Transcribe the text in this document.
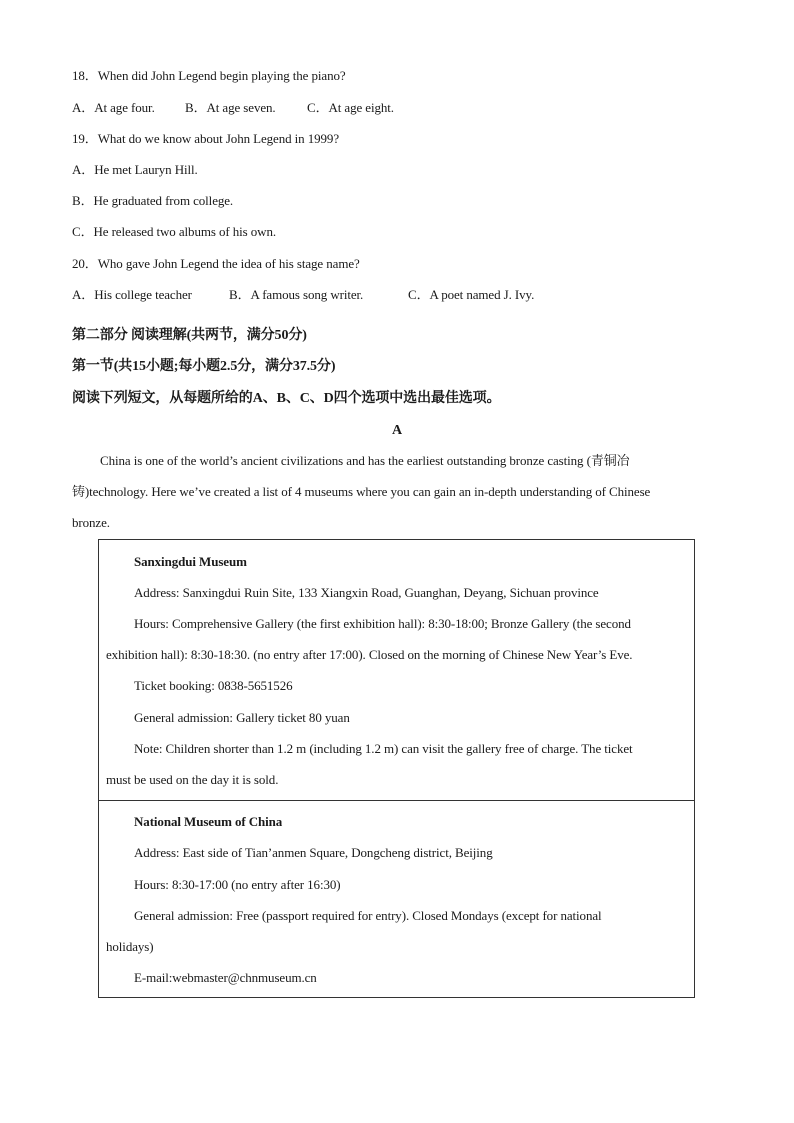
18．When did John Legend begin playing the piano?
A．At age four. B．At age seven. C．At age eight.
19．What do we know about John Legend in 1999?
A．He met Lauryn Hill.
B．He graduated from college.
C．He released two albums of his own.
20．Who gave John Legend the idea of his stage name?
A．His college teacher	B．A famous song writer.	C．A poet named J. Ivy.
第二部分 阅读理解(共两节，满分50分)
第一节(共15小题;每小题2.5分，满分37.5分)
阅读下列短文，从每题所给的A、B、C、D四个选项中选出最佳选项。
A
China is one of the world’s ancient civilizations and has the earliest outstanding bronze casting (青铜冶
铸)technology. Here we’ve created a list of 4 museums where you can gain an in-depth understanding of Chinese
bronze.
Sanxingdui Museum
Address: Sanxingdui Ruin Site, 133 Xiangxin Road, Guanghan, Deyang, Sichuan province
Hours: Comprehensive Gallery (the first exhibition hall): 8:30-18:00; Bronze Gallery (the second
exhibition hall): 8:30-18:30. (no entry after 17:00). Closed on the morning of Chinese New Year’s Eve.
Ticket booking: 0838-5651526
General admission: Gallery ticket 80 yuan
Note: Children shorter than 1.2 m (including 1.2 m) can visit the gallery free of charge. The ticket
must be used on the day it is sold.
National Museum of China
Address: East side of Tian’anmen Square, Dongcheng district, Beijing
Hours: 8:30-17:00 (no entry after 16:30)
General admission: Free (passport required for entry). Closed Mondays (except for national
holidays)
E-mail:webmaster@chnmuseum.cn
